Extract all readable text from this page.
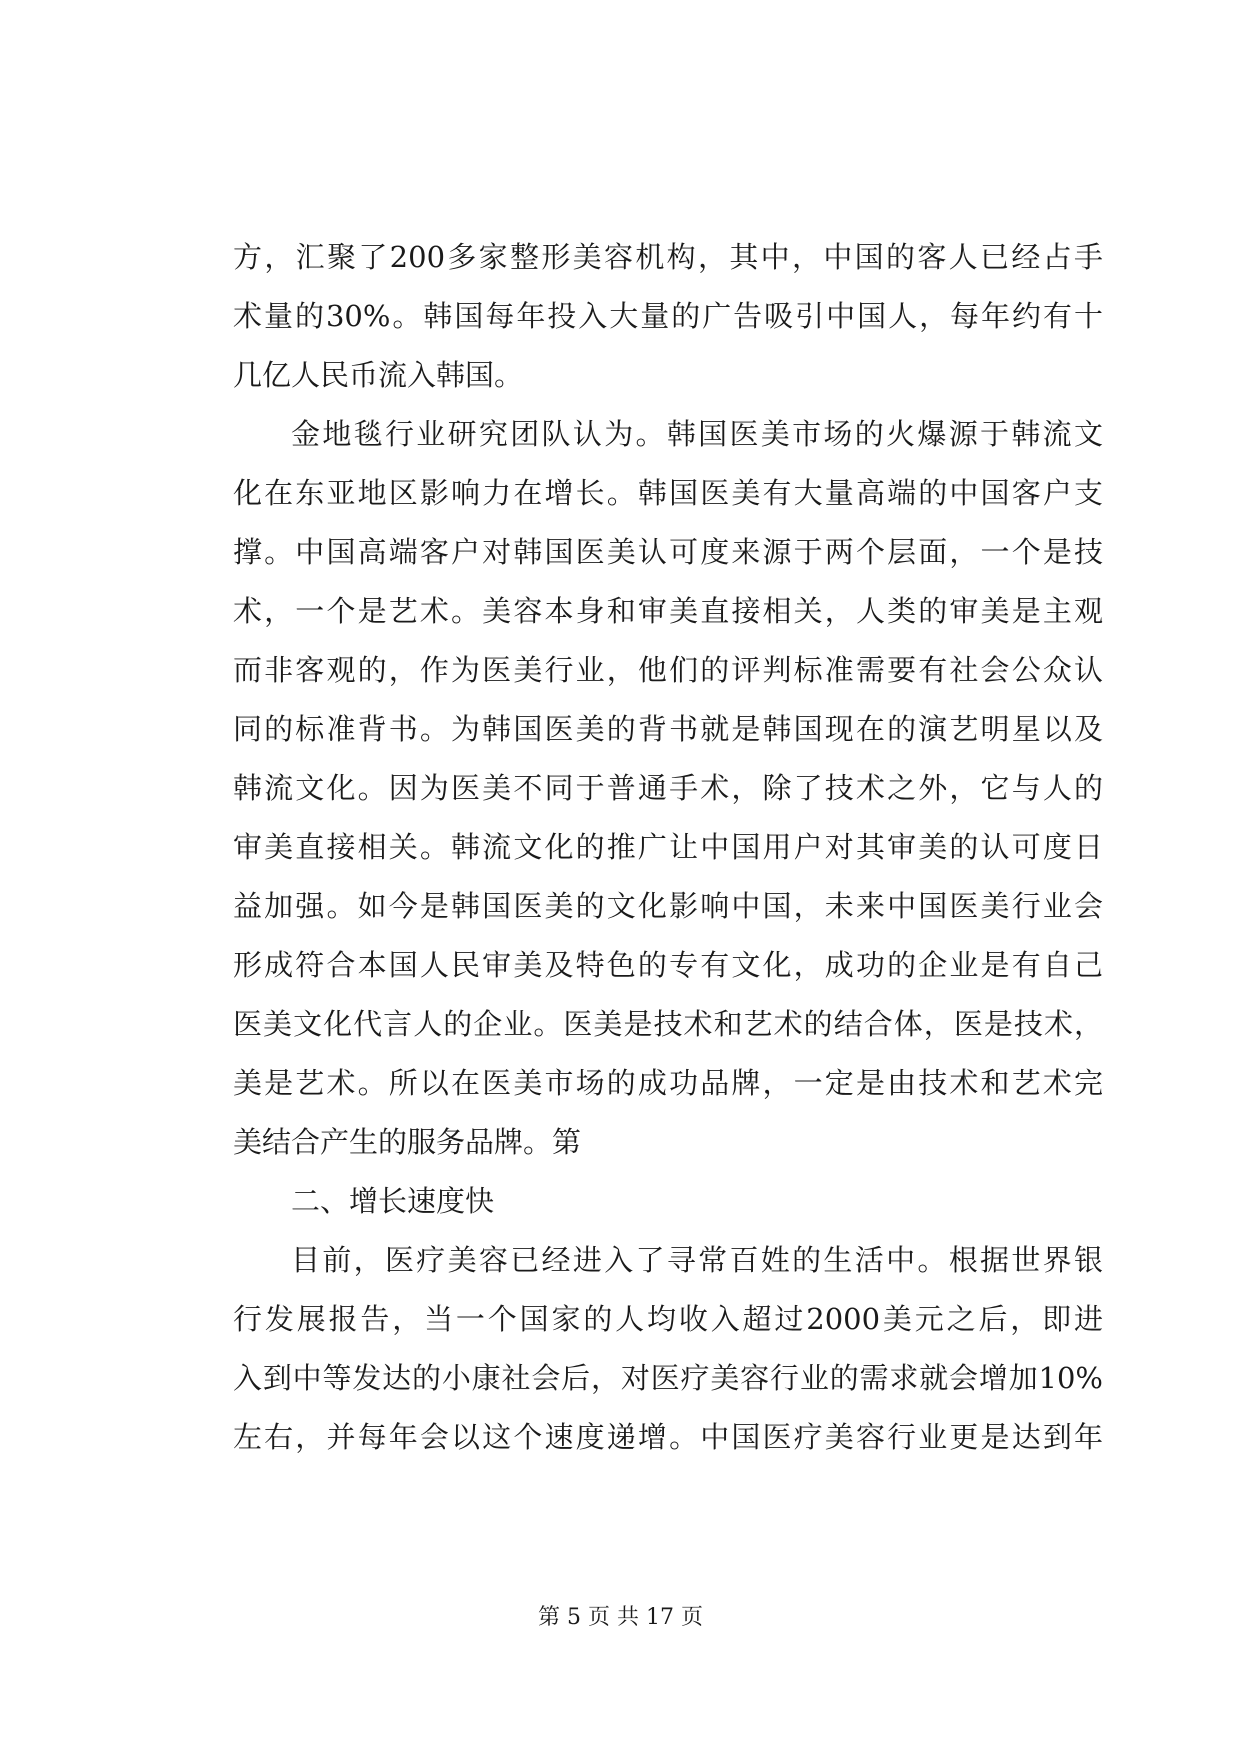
方，汇聚了200多家整形美容机构，其中，中国的客人已经占手
术量的30%。韩国每年投入大量的广告吸引中国人，每年约有十
几亿人民币流入韩国。
金地毯行业研究团队认为。韩国医美市场的火爆源于韩流文
化在东亚地区影响力在增长。韩国医美有大量高端的中国客户支
撑。中国高端客户对韩国医美认可度来源于两个层面，一个是技
术，一个是艺术。美容本身和审美直接相关，人类的审美是主观
而非客观的，作为医美行业，他们的评判标准需要有社会公众认
同的标准背书。为韩国医美的背书就是韩国现在的演艺明星以及
韩流文化。因为医美不同于普通手术，除了技术之外，它与人的
审美直接相关。韩流文化的推广让中国用户对其审美的认可度日
益加强。如今是韩国医美的文化影响中国，未来中国医美行业会
形成符合本国人民审美及特色的专有文化，成功的企业是有自己
医美文化代言人的企业。医美是技术和艺术的结合体，医是技术，
美是艺术。所以在医美市场的成功品牌，一定是由技术和艺术完
美结合产生的服务品牌。第
二、增长速度快
目前，医疗美容已经进入了寻常百姓的生活中。根据世界银
行发展报告，当一个国家的人均收入超过2000美元之后，即进
入到中等发达的小康社会后，对医疗美容行业的需求就会增加10%
左右，并每年会以这个速度递增。中国医疗美容行业更是达到年
第 5 页 共 17 页
